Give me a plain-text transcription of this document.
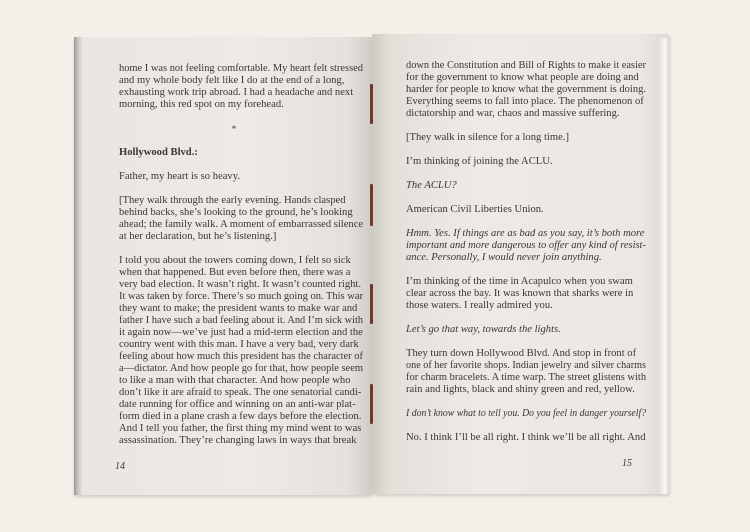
home I was not feeling comfortable. My heart felt stressed
and my whole body felt like I do at the end of a long,
exhausting work trip abroad. I had a headache and next
morning, this red spot on my forehead.
*
Hollywood Blvd.:
Father, my heart is so heavy.
[They walk through the early evening. Hands clasped
behind backs, she’s looking to the ground, he’s looking
ahead; the family walk. A moment of embarrassed silence
at her declaration, but he’s listening.]
I told you about the towers coming down, I felt so sick
when that happened. But even before then, there was a
very bad election. It wasn’t right. It wasn’t counted right.
It was taken by force. There’s so much going on. This war
they want to make; the president wants to make war and
father I have such a bad feeling about it. And I’m sick with
it again now—we’ve just had a mid-term election and the
country went with this man. I have a very bad, very dark
feeling about how much this president has the character of
a—dictator. And how people go for that, how people seem
to like a man with that character. And how people who
don’t like it are afraid to speak. The one senatorial candi-
date running for office and winning on an anti-war plat-
form died in a plane crash a few days before the election.
And I tell you father, the first thing my mind went to was
assassination. They’re changing laws in ways that break
14
down the Constitution and Bill of Rights to make it easier
for the government to know what people are doing and
harder for people to know what the government is doing.
Everything seems to fall into place. The phenomenon of
dictatorship and war, chaos and massive suffering.
[They walk in silence for a long time.]
I’m thinking of joining the ACLU.
The ACLU?
American Civil Liberties Union.
Hmm. Yes. If things are as bad as you say, it’s both more
important and more dangerous to offer any kind of resist-
ance. Personally, I would never join anything.
I’m thinking of the time in Acapulco when you swam
clear across the bay. It was known that sharks were in
those waters. I really admired you.
Let’s go that way, towards the lights.
They turn down Hollywood Blvd. And stop in front of
one of her favorite shops. Indian jewelry and silver charms
for charm bracelets. A time warp. The street glistens with
rain and lights, black and shiny green and red, yellow.
I don’t know what to tell you. Do you feel in danger yourself?
No. I think I’ll be all right. I think we’ll be all right. And
15
